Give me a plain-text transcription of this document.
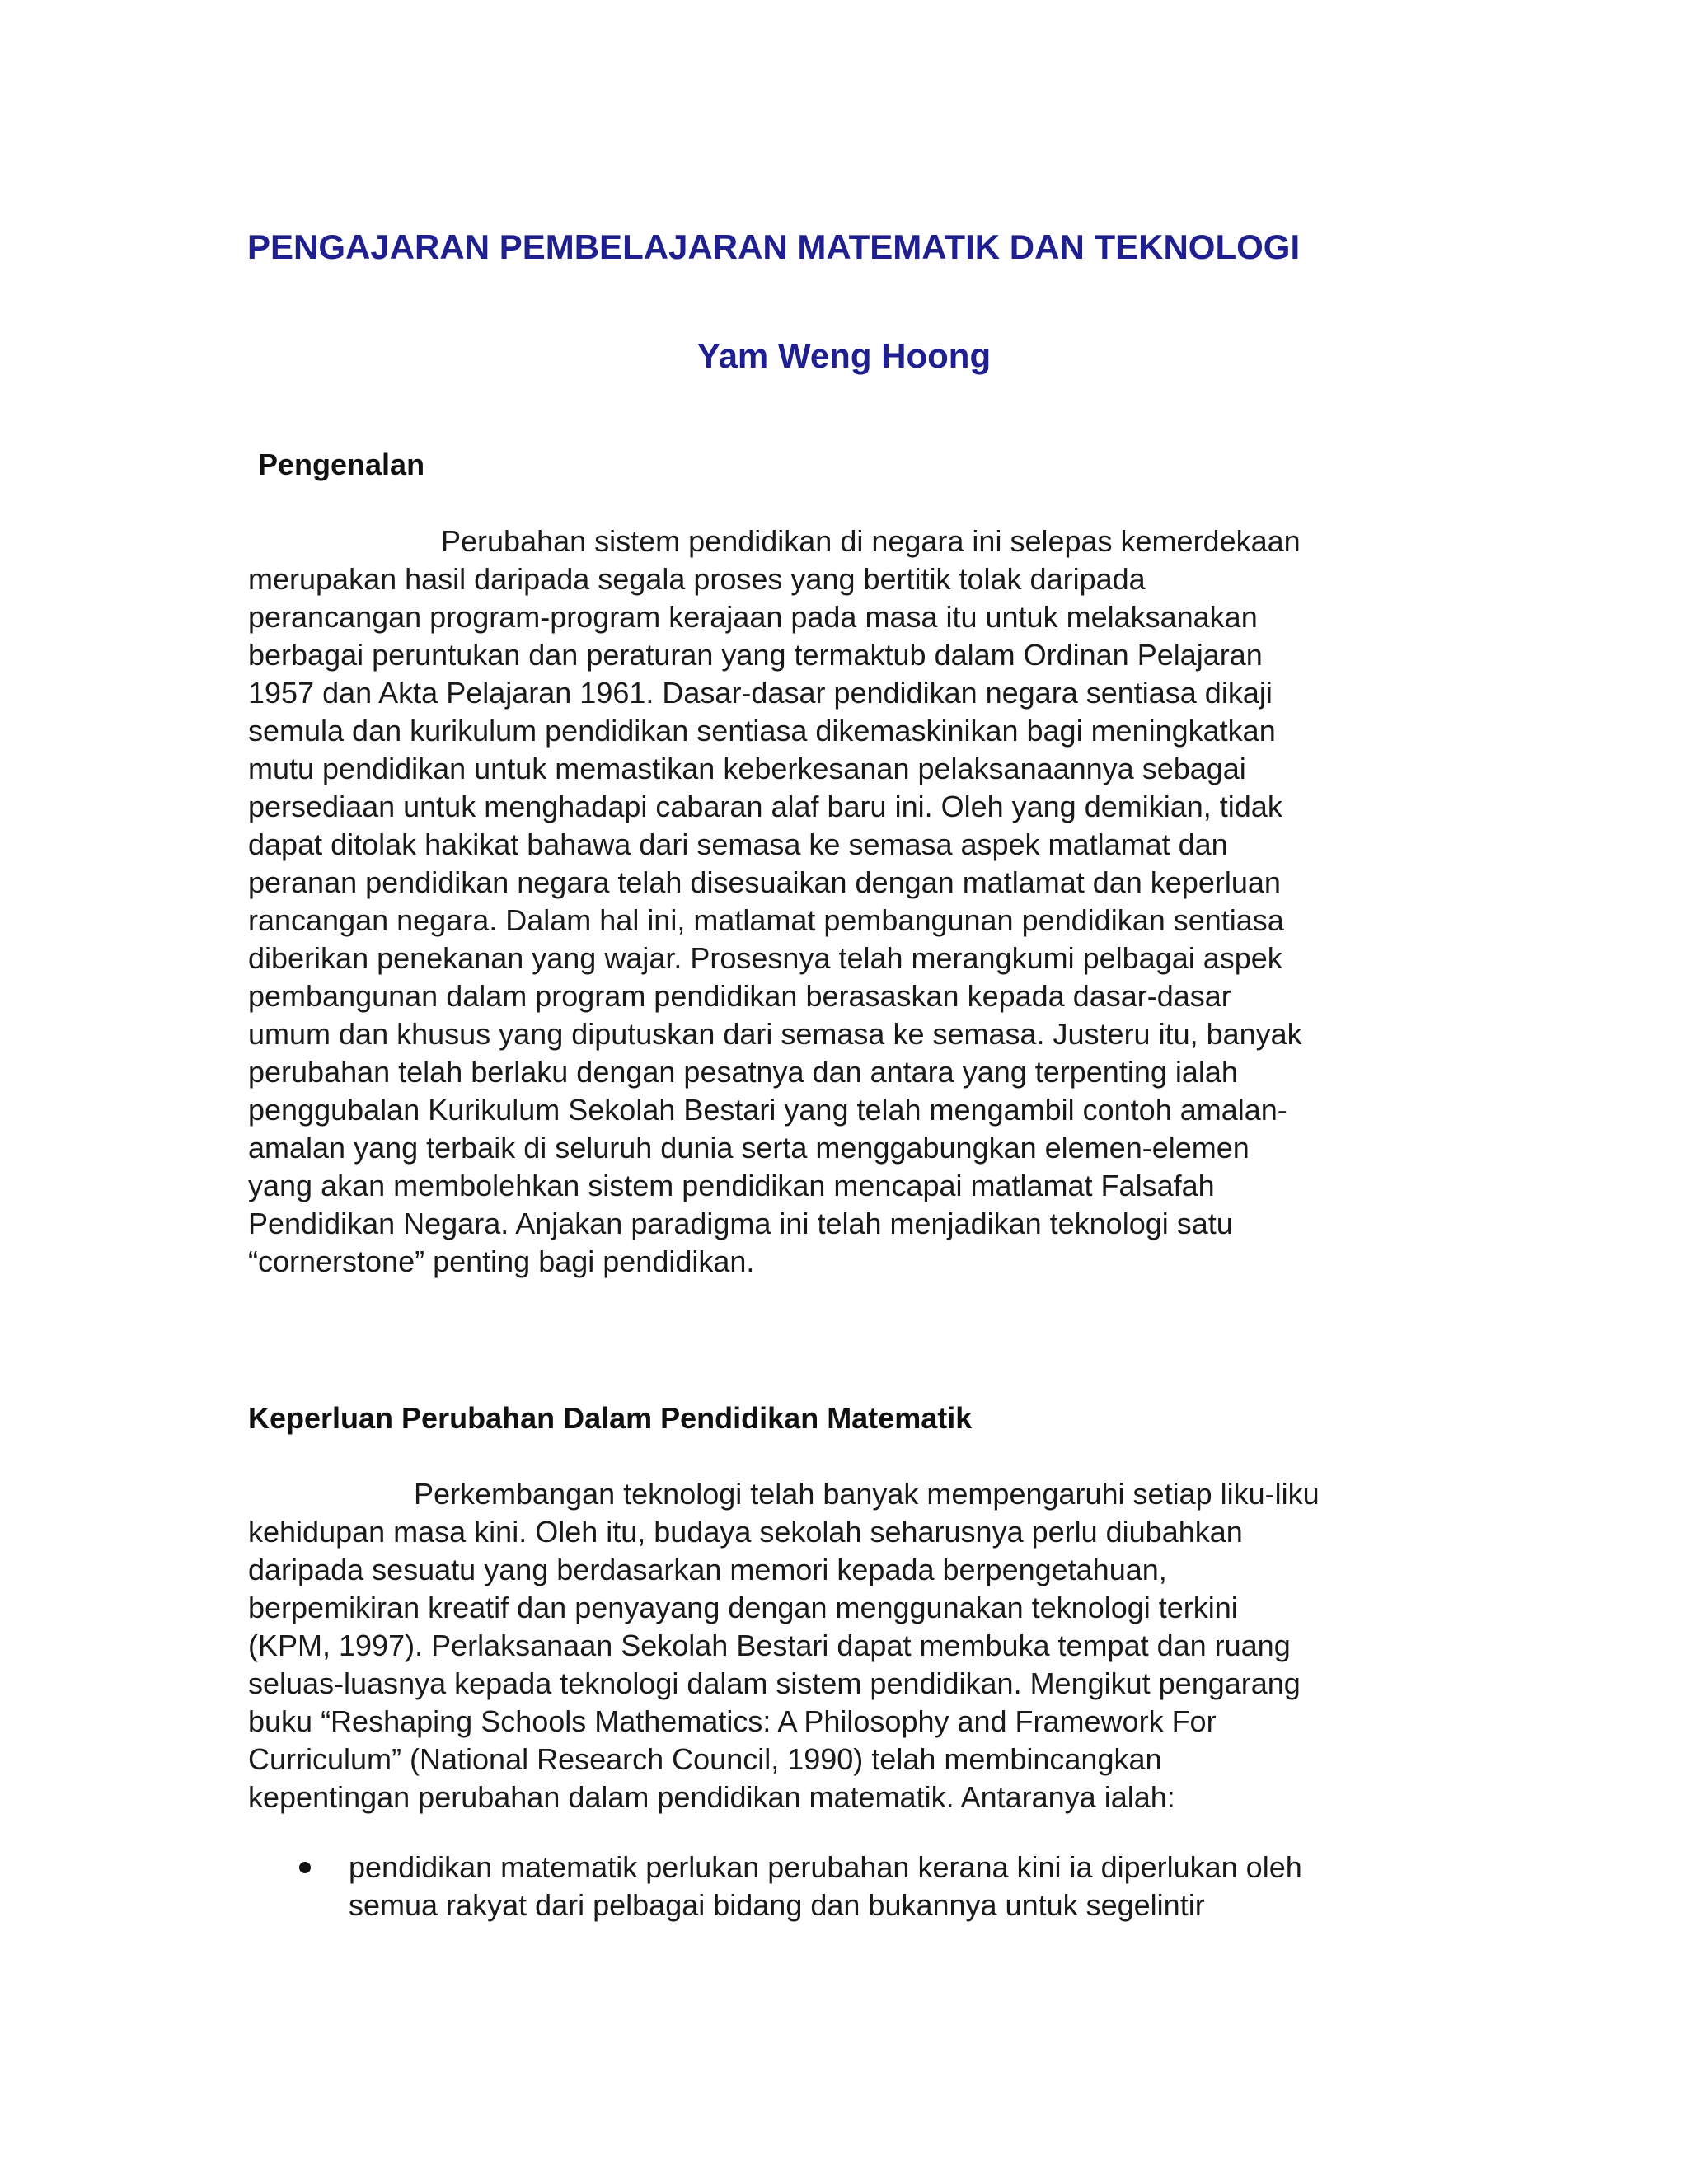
PENGAJARAN PEMBELAJARAN MATEMATIK DAN TEKNOLOGI
Yam Weng Hoong
Pengenalan
Perubahan sistem pendidikan di negara ini selepas kemerdekaan
merupakan hasil daripada segala proses yang bertitik tolak daripada
perancangan program-program kerajaan pada masa itu untuk melaksanakan
berbagai peruntukan dan peraturan yang termaktub dalam Ordinan Pelajaran
1957 dan Akta Pelajaran 1961. Dasar-dasar pendidikan negara sentiasa dikaji
semula dan kurikulum pendidikan sentiasa dikemaskinikan bagi meningkatkan
mutu pendidikan untuk memastikan keberkesanan pelaksanaannya sebagai
persediaan untuk menghadapi cabaran alaf baru ini. Oleh yang demikian, tidak
dapat ditolak hakikat bahawa dari semasa ke semasa aspek matlamat dan
peranan pendidikan negara telah disesuaikan dengan matlamat dan keperluan
rancangan negara. Dalam hal ini, matlamat pembangunan pendidikan sentiasa
diberikan penekanan yang wajar. Prosesnya telah merangkumi pelbagai aspek
pembangunan dalam program pendidikan berasaskan kepada dasar-dasar
umum dan khusus yang diputuskan dari semasa ke semasa. Justeru itu, banyak
perubahan telah berlaku dengan pesatnya dan antara yang terpenting ialah
penggubalan Kurikulum Sekolah Bestari yang telah mengambil contoh amalan-
amalan yang terbaik di seluruh dunia serta menggabungkan elemen-elemen
yang akan membolehkan sistem pendidikan mencapai matlamat Falsafah
Pendidikan Negara. Anjakan paradigma ini telah menjadikan teknologi satu
“cornerstone” penting bagi pendidikan.
Keperluan Perubahan Dalam Pendidikan Matematik
Perkembangan teknologi telah banyak mempengaruhi setiap liku-liku
kehidupan masa kini. Oleh itu, budaya sekolah seharusnya perlu diubahkan
daripada sesuatu yang berdasarkan memori kepada berpengetahuan,
berpemikiran kreatif dan penyayang dengan menggunakan teknologi terkini
(KPM, 1997). Perlaksanaan Sekolah Bestari dapat membuka tempat dan ruang
seluas-luasnya kepada teknologi dalam sistem pendidikan. Mengikut pengarang
buku “Reshaping Schools Mathematics: A Philosophy and Framework For
Curriculum” (National Research Council, 1990) telah membincangkan
kepentingan perubahan dalam pendidikan matematik. Antaranya ialah:
pendidikan matematik perlukan perubahan kerana kini ia diperlukan oleh
semua rakyat dari pelbagai bidang dan bukannya untuk segelintir
